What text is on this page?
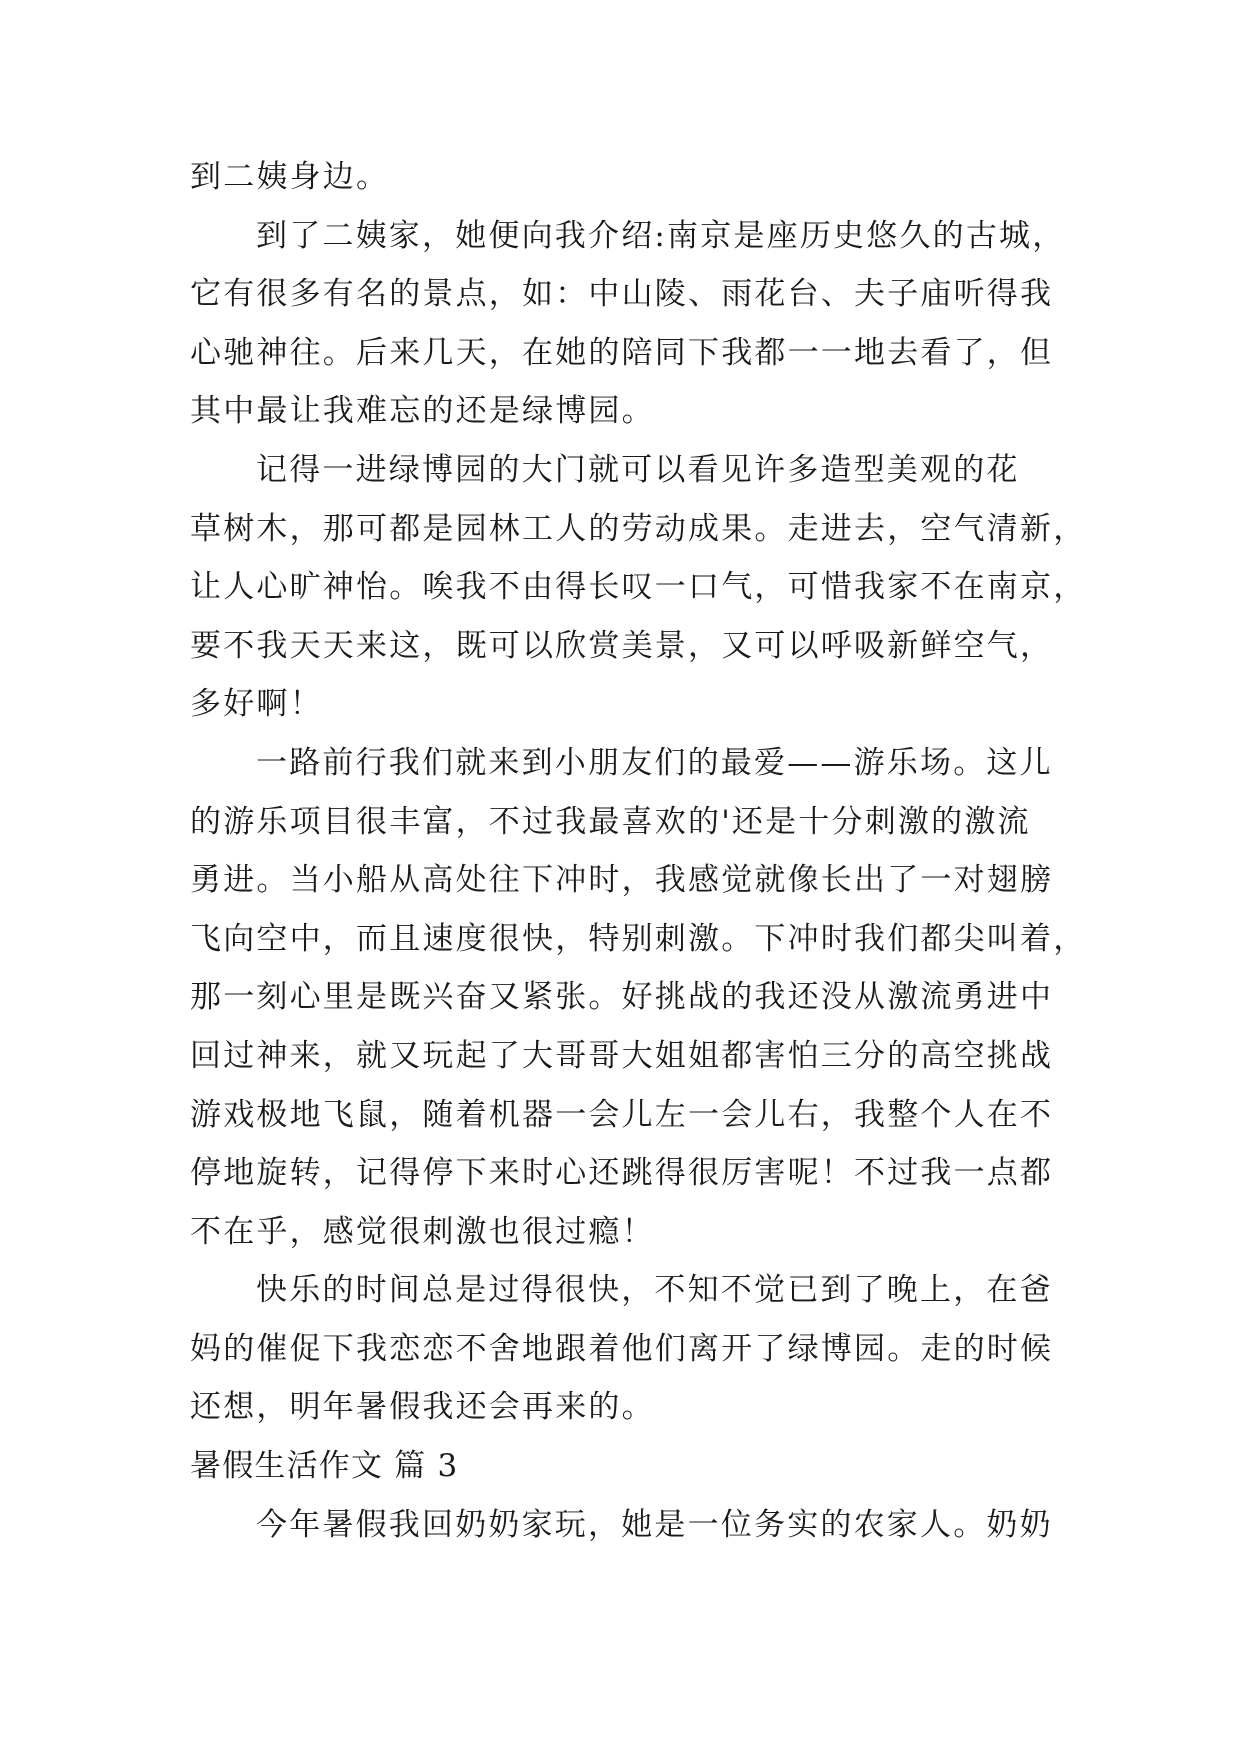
到二姨身边。
到了二姨家，她便向我介绍:南京是座历史悠久的古城，
它有很多有名的景点，如：中山陵、雨花台、夫子庙听得我
心驰神往。后来几天，在她的陪同下我都一一地去看了，但
其中最让我难忘的还是绿博园。
记得一进绿博园的大门就可以看见许多造型美观的花
草树木，那可都是园林工人的劳动成果。走进去，空气清新，
让人心旷神怡。唉我不由得长叹一口气，可惜我家不在南京，
要不我天天来这，既可以欣赏美景，又可以呼吸新鲜空气，
多好啊！
一路前行我们就来到小朋友们的最爱——游乐场。这儿
的游乐项目很丰富，不过我最喜欢的'还是十分刺激的激流
勇进。当小船从高处往下冲时，我感觉就像长出了一对翅膀
飞向空中，而且速度很快，特别刺激。下冲时我们都尖叫着，
那一刻心里是既兴奋又紧张。好挑战的我还没从激流勇进中
回过神来，就又玩起了大哥哥大姐姐都害怕三分的高空挑战
游戏极地飞鼠，随着机器一会儿左一会儿右，我整个人在不
停地旋转，记得停下来时心还跳得很厉害呢！不过我一点都
不在乎，感觉很刺激也很过瘾！
快乐的时间总是过得很快，不知不觉已到了晚上，在爸
妈的催促下我恋恋不舍地跟着他们离开了绿博园。走的时候
还想，明年暑假我还会再来的。
暑假生活作文 篇 3
今年暑假我回奶奶家玩，她是一位务实的农家人。奶奶
